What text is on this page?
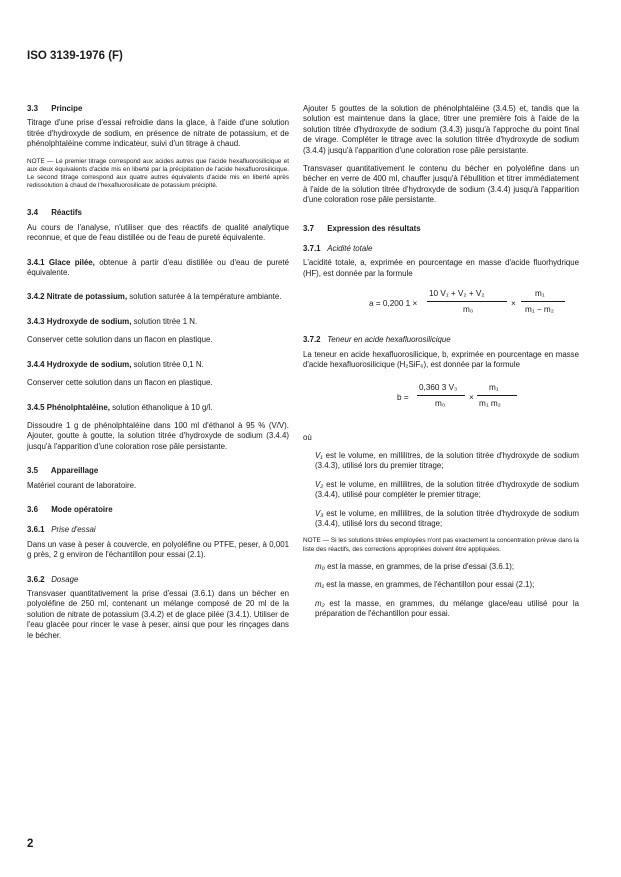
ISO 3139-1976 (F)
3.3 Principe
Titrage d'une prise d'essai refroidie dans la glace, à l'aide d'une solution titrée d'hydroxyde de sodium, en présence de nitrate de potassium, et de phénolphtaléine comme indicateur, suivi d'un titrage à chaud.
NOTE — Le premier titrage correspond aux acides autres que l'acide hexafluorosilicique et aux deux équivalents d'acide mis en liberté par la précipitation de l'acide hexafluorosilicique. Le second titrage correspond aux quatre autres équivalents d'acide mis en liberté après redissolution à chaud de l'hexafluorosilicate de potassium précipité.
3.4 Réactifs
Au cours de l'analyse, n'utiliser que des réactifs de qualité analytique reconnue, et que de l'eau distillée ou de l'eau de pureté équivalente.
3.4.1 Glace pilée, obtenue à partir d'eau distillée ou d'eau de pureté équivalente.
3.4.2 Nitrate de potassium, solution saturée à la température ambiante.
3.4.3 Hydroxyde de sodium, solution titrée 1 N.
Conserver cette solution dans un flacon en plastique.
3.4.4 Hydroxyde de sodium, solution titrée 0,1 N.
Conserver cette solution dans un flacon en plastique.
3.4.5 Phénolphtaléine, solution éthanolique à 10 g/l.
Dissoudre 1 g de phénolphtaléine dans 100 ml d'éthanol à 95 % (V/V). Ajouter, goutte à goutte, la solution titrée d'hydroxyde de sodium (3.4.4) jusqu'à l'apparition d'une coloration rose pâle persistante.
3.5 Appareillage
Matériel courant de laboratoire.
3.6 Mode opératoire
3.6.1 Prise d'essai
Dans un vase à peser à couvercle, en polyoléfine ou PTFE, peser, à 0,001 g près, 2 g environ de l'échantillon pour essai (2.1).
3.6.2 Dosage
Transvaser quantitativement la prise d'essai (3.6.1) dans un bécher en polyoléfine de 250 ml, contenant un mélange composé de 20 ml de la solution de nitrate de potassium (3.4.2) et de glace pilée (3.4.1). Utiliser de l'eau glacée pour rincer le vase à peser, ainsi que pour les rinçages dans le bécher.
Ajouter 5 gouttes de la solution de phénolphtaléine (3.4.5) et, tandis que la solution est maintenue dans la glace, titrer une première fois à l'aide de la solution titrée d'hydroxyde de sodium (3.4.3) jusqu'à l'approche du point final de virage. Compléter le titrage avec la solution titrée d'hydroxyde de sodium (3.4.4) jusqu'à l'apparition d'une coloration rose pâle persistante.
Transvaser quantitativement le contenu du bécher en polyoléfine dans un bécher en verre de 400 ml, chauffer jusqu'à l'ébullition et titrer immédiatement à l'aide de la solution titrée d'hydroxyde de sodium (3.4.4) jusqu'à l'apparition d'une coloration rose pâle persistante.
3.7 Expression des résultats
3.7.1 Acidité totale
L'acidité totale, a, exprimée en pourcentage en masse d'acide fluorhydrique (HF), est donnée par la formule
a = 0,200 1 ×
10 V₁ + V₂ + V₂
m₀
×
m₁
m₁ − m₂
3.7.2 Teneur en acide hexafluorosilicique
La teneur en acide hexafluorosilicique, b, exprimée en pourcentage en masse d'acide hexafluorosilicique (H₂SiF₆), est donnée par la formule
b =
0,360 3 V₃
m₀
×
m₁
m₁ m₂
où
V₁ est le volume, en millilitres, de la solution titrée d'hydroxyde de sodium (3.4.3), utilisé lors du premier titrage;
V₂ est le volume, en millilitres, de la solution titrée d'hydroxyde de sodium (3.4.4), utilisé pour compléter le premier titrage;
V₃ est le volume, en millilitres, de la solution titrée d'hydroxyde de sodium (3.4.4), utilisé lors du second titrage;
NOTE — Si les solutions titrées employées n'ont pas exactement la concentration prévue dans la liste des réactifs, des corrections appropriées doivent être appliquées.
m₀ est la masse, en grammes, de la prise d'essai (3.6.1);
m₁ est la masse, en grammes, de l'échantillon pour essai (2.1);
m₂ est la masse, en grammes, du mélange glace/eau utilisé pour la préparation de l'échantillon pour essai.
2
